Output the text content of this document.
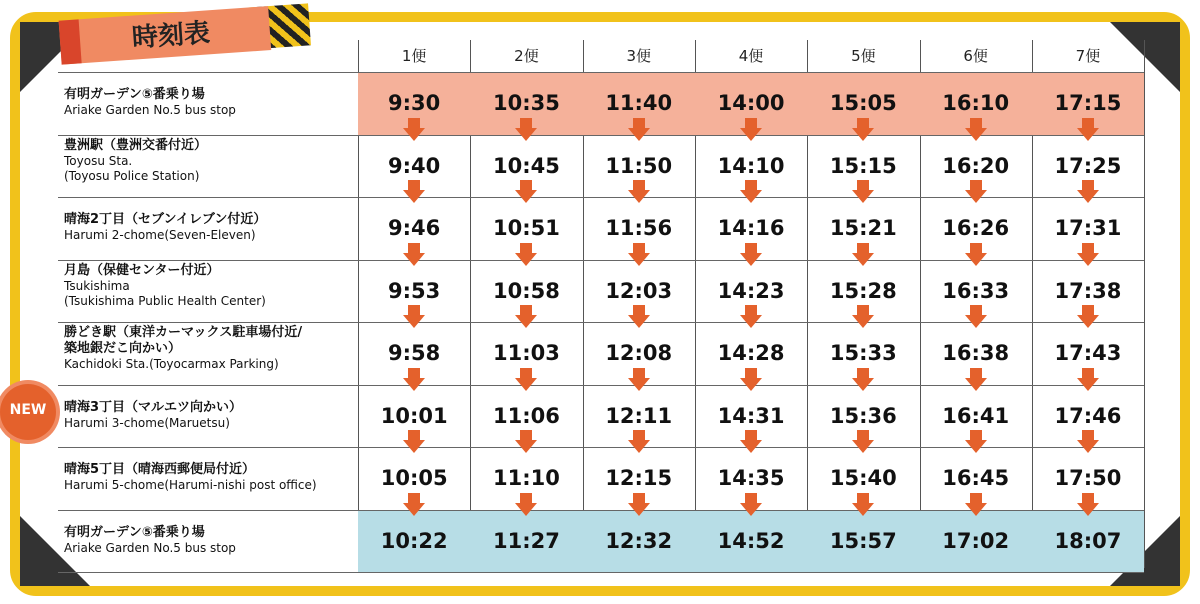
時刻表
1便	2便	3便	4便	5便	6便	7便
有明ガーデン⑤番乗り場
Ariake Garden No.5 bus stop	9:30	10:35	11:40	14:00	15:05	16:10	17:15
豊洲駅（豊洲交番付近）
Toyosu Sta.
(Toyosu Police Station)	9:40	10:45	11:50	14:10	15:15	16:20	17:25
晴海2丁目（セブンイレブン付近）
Harumi 2-chome(Seven-Eleven)	9:46	10:51	11:56	14:16	15:21	16:26	17:31
月島（保健センター付近）
Tsukishima
(Tsukishima Public Health Center)	9:53	10:58	12:03	14:23	15:28	16:33	17:38
勝どき駅（東洋カーマックス駐車場付近/
築地銀だこ向かい）
Kachidoki Sta.(Toyocarmax Parking)	9:58	11:03	12:08	14:28	15:33	16:38	17:43
晴海3丁目（マルエツ向かい）
Harumi 3-chome(Maruetsu)	10:01	11:06	12:11	14:31	15:36	16:41	17:46
晴海5丁目（晴海西郵便局付近）
Harumi 5-chome(Harumi-nishi post office)	10:05	11:10	12:15	14:35	15:40	16:45	17:50
有明ガーデン⑤番乗り場
Ariake Garden No.5 bus stop	10:22	11:27	12:32	14:52	15:57	17:02	18:07
NEW
